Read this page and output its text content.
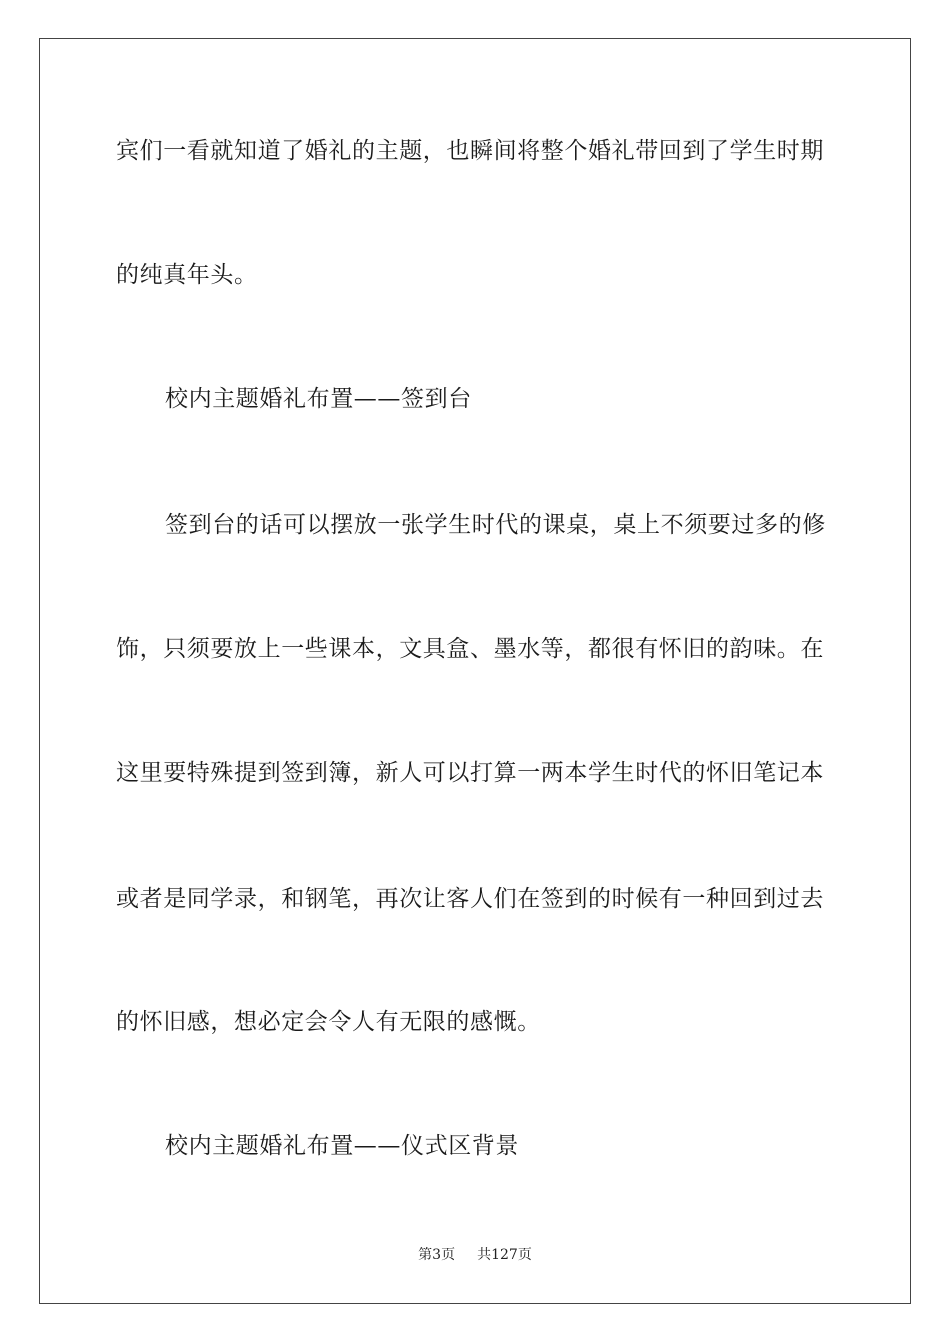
宾们一看就知道了婚礼的主题，也瞬间将整个婚礼带回到了学生时期
的纯真年头。
校内主题婚礼布置——签到台
签到台的话可以摆放一张学生时代的课桌，桌上不须要过多的修
饰，只须要放上一些课本，文具盒、墨水等，都很有怀旧的韵味。在
这里要特殊提到签到簿，新人可以打算一两本学生时代的怀旧笔记本
或者是同学录，和钢笔，再次让客人们在签到的时候有一种回到过去
的怀旧感，想必定会令人有无限的感慨。
校内主题婚礼布置——仪式区背景
第3页 共127页
